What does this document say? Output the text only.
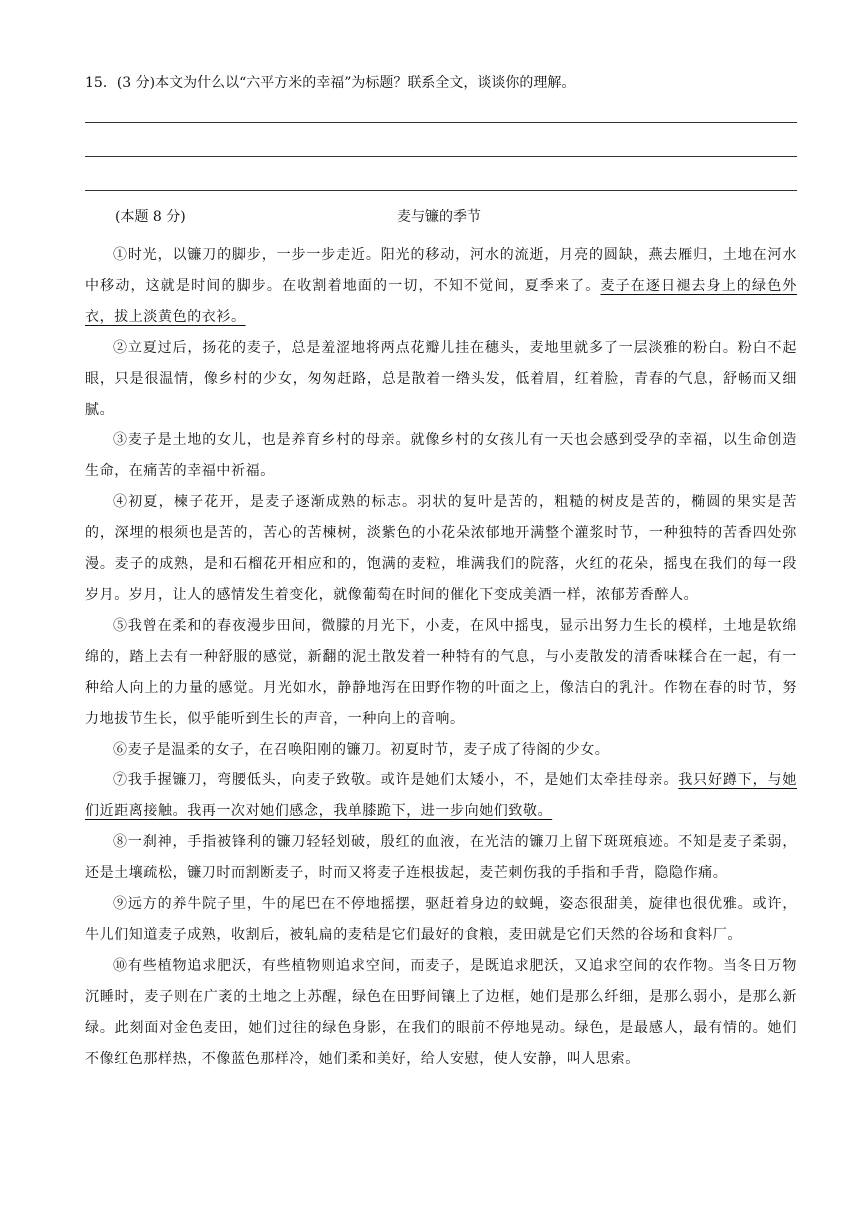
15．(3 分)本文为什么以“六平方米的幸福”为标题？联系全文，谈谈你的理解。
(本题 8 分)	麦与镰的季节

①时光，以镰刀的脚步，一步一步走近。阳光的移动，河水的流逝，月亮的圆缺，燕去雁归，土地在河水中移动，这就是时间的脚步。在收割着地面的一切，不知不觉间，夏季来了。麦子在逐日褪去身上的绿色外衣，拔上淡黄色的衣衫。

②立夏过后，扬花的麦子，总是羞涩地将两点花瓣儿挂在穗头，麦地里就多了一层淡雅的粉白。粉白不起眼，只是很温情，像乡村的少女，匆匆赶路，总是散着一绺头发，低着眉，红着脸，青春的气息，舒畅而又细腻。

③麦子是土地的女儿，也是养育乡村的母亲。就像乡村的女孩儿有一天也会感到受孕的幸福，以生命创造生命，在痛苦的幸福中祈福。

④初夏，楝子花开，是麦子逐渐成熟的标志。羽状的复叶是苦的，粗糙的树皮是苦的，椭圆的果实是苦的，深埋的根须也是苦的，苦心的苦楝树，淡紫色的小花朵浓郁地开满整个灌浆时节，一种独特的苦香四处弥漫。麦子的成熟，是和石榴花开相应和的，饱满的麦粒，堆满我们的院落，火红的花朵，摇曳在我们的每一段岁月。岁月，让人的感情发生着变化，就像葡萄在时间的催化下变成美酒一样，浓郁芳香醉人。

⑤我曾在柔和的春夜漫步田间，微朦的月光下，小麦，在风中摇曳，显示出努力生长的模样，土地是软绵绵的，踏上去有一种舒服的感觉，新翻的泥土散发着一种特有的气息，与小麦散发的清香味糅合在一起，有一种给人向上的力量的感觉。月光如水，静静地泻在田野作物的叶面之上，像洁白的乳汁。作物在春的时节，努力地拔节生长，似乎能听到生长的声音，一种向上的音响。

⑥麦子是温柔的女子，在召唤阳刚的镰刀。初夏时节，麦子成了待阁的少女。

⑦我手握镰刀，弯腰低头，向麦子致敬。或许是她们太矮小，不，是她们太牵挂母亲。我只好蹲下，与她们近距离接触。我再一次对她们感念，我单膝跪下，进一步向她们致敬。

⑧一刹神，手指被锋利的镰刀轻轻划破，殷红的血液，在光洁的镰刀上留下斑斑痕迹。不知是麦子柔弱，还是土壤疏松，镰刀时而割断麦子，时而又将麦子连根拔起，麦芒刺伤我的手指和手背，隐隐作痛。

⑨远方的养牛院子里，牛的尾巴在不停地摇摆，驱赶着身边的蚊蝇，姿态很甜美，旋律也很优雅。或许，牛儿们知道麦子成熟，收割后，被轧扁的麦秸是它们最好的食粮，麦田就是它们天然的谷场和食料厂。

⑩有些植物追求肥沃，有些植物则追求空间，而麦子，是既追求肥沃，又追求空间的农作物。当冬日万物沉睡时，麦子则在广袤的土地之上苏醒，绿色在田野间镶上了边框，她们是那么纤细，是那么弱小，是那么新绿。此刻面对金色麦田，她们过往的绿色身影，在我们的眼前不停地晃动。绿色，是最感人，最有情的。她们不像红色那样热，不像蓝色那样冷，她们柔和美好，给人安慰，使人安静，叫人思索。
